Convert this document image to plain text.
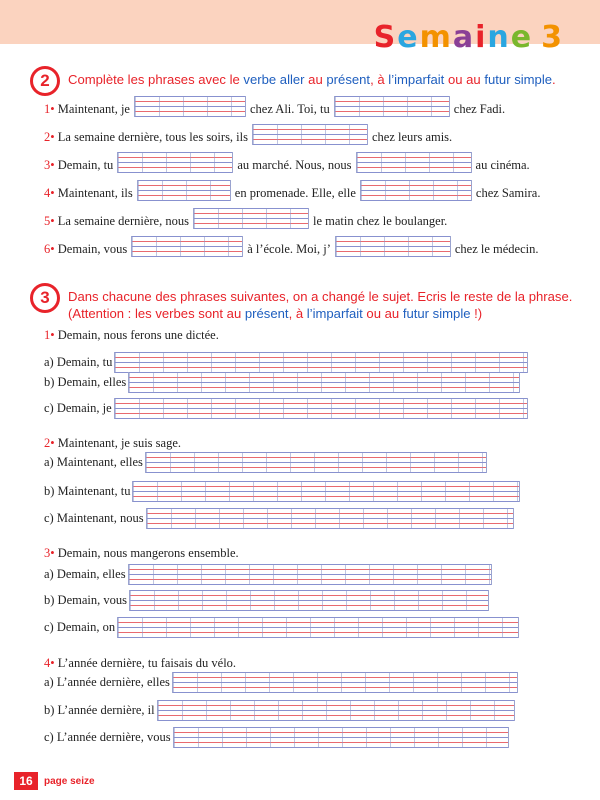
Semaine 3
2	Complète les phrases avec le verbe aller au présent, à l’imparfait ou au futur simple.
1• Maintenant, je	chez Ali. Toi, tu	chez Fadi.
2• La semaine dernière, tous les soirs, ils	chez leurs amis.
3• Demain, tu	au marché. Nous, nous	au cinéma.
4• Maintenant, ils	en promenade. Elle, elle	chez Samira.
5• La semaine dernière, nous	le matin chez le boulanger.
6• Demain, vous	à l’école. Moi, j’	chez le médecin.
3	Dans chacune des phrases suivantes, on a changé le sujet. Ecris le reste de la phrase.
(Attention : les verbes sont au présent, à l’imparfait ou au futur simple !)
1• Demain, nous ferons une dictée.
a) Demain, tu
b) Demain, elles
c) Demain, je
2• Maintenant, je suis sage.
a) Maintenant, elles
b) Maintenant, tu
c) Maintenant, nous
3• Demain, nous mangerons ensemble.
a) Demain, elles
b) Demain, vous
c) Demain, on
4• L’année dernière, tu faisais du vélo.
a) L’année dernière, elles
b) L’année dernière, il
c) L’année dernière, vous
16	page seize
